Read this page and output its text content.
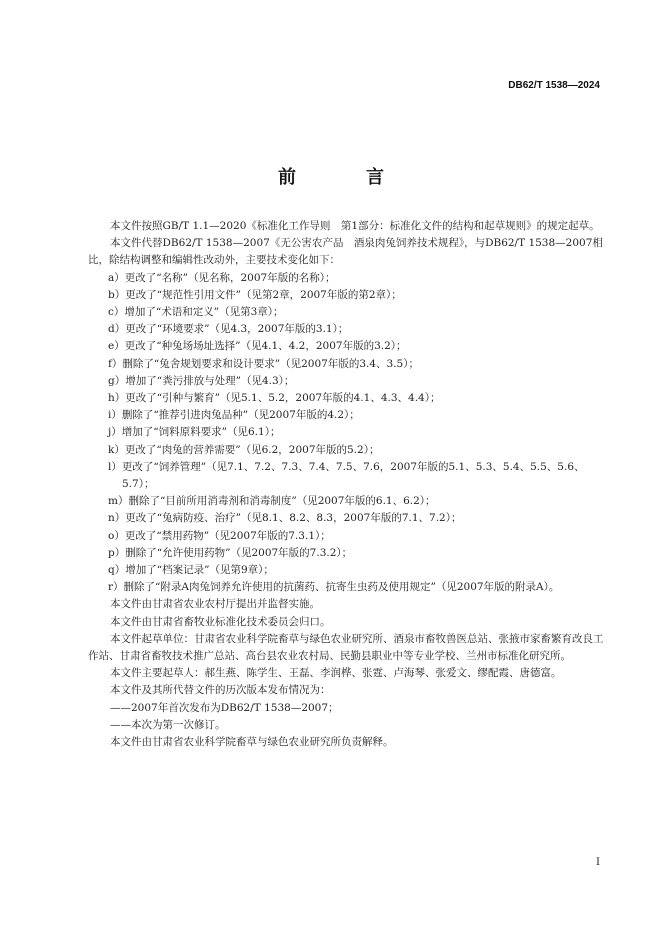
DB62/T 1538—2024
前　言

本文件按照GB/T 1.1—2020《标准化工作导则　第1部分：标准化文件的结构和起草规则》的规定起草。

本文件代替DB62/T 1538—2007《无公害农产品　酒泉肉兔饲养技术规程》，与DB62/T 1538—2007相比，除结构调整和编辑性改动外，主要技术变化如下：

a）更改了“名称”（见名称，2007年版的名称）；

b）更改了“规范性引用文件”（见第2章，2007年版的第2章）；

c）增加了“术语和定义”（见第3章）；

d）更改了“环境要求”（见4.3，2007年版的3.1）；

e）更改了“种兔场场址选择”（见4.1、4.2，2007年版的3.2）；

f）删除了“兔舍规划要求和设计要求”（见2007年版的3.4、3.5）；

g）增加了“粪污排放与处理”（见4.3）；

h）更改了“引种与繁育”（见5.1、5.2，2007年版的4.1、4.3、4.4）；

i）删除了“推荐引进肉兔品种”（见2007年版的4.2）；

j）增加了“饲料原料要求”（见6.1）；

k）更改了“肉兔的营养需要”（见6.2，2007年版的5.2）；

l）更改了“饲养管理”（见7.1、7.2、7.3、7.4、7.5、7.6，2007年版的5.1、5.3、5.4、5.5、5.6、

5.7）；

m）删除了“目前所用消毒剂和消毒制度”（见2007年版的6.1、6.2）；

n）更改了“兔病防疫、治疗”（见8.1、8.2、8.3，2007年版的7.1、7.2）；

o）更改了“禁用药物”（见2007年版的7.3.1）；

p）删除了“允许使用药物”（见2007年版的7.3.2）；

q）增加了“档案记录”（见第9章）；

r）删除了“附录A肉兔饲养允许使用的抗菌药、抗寄生虫药及使用规定”（见2007年版的附录A）。

本文件由甘肃省农业农村厅提出并监督实施。

本文件由甘肃省畜牧业标准化技术委员会归口。

本文件起草单位：甘肃省农业科学院畜草与绿色农业研究所、酒泉市畜牧兽医总站、张掖市家畜繁育改良工作站、甘肃省畜牧技术推广总站、高台县农业农村局、民勤县职业中等专业学校、兰州市标准化研究所。

本文件主要起草人：郝生燕、陈学生、王磊、李润桦、张霆、卢海琴、张爱文、缪配霞、唐德富。

本文件及其所代替文件的历次版本发布情况为：

——2007年首次发布为DB62/T 1538—2007；

——本次为第一次修订。

本文件由甘肃省农业科学院畜草与绿色农业研究所负责解释。

I
